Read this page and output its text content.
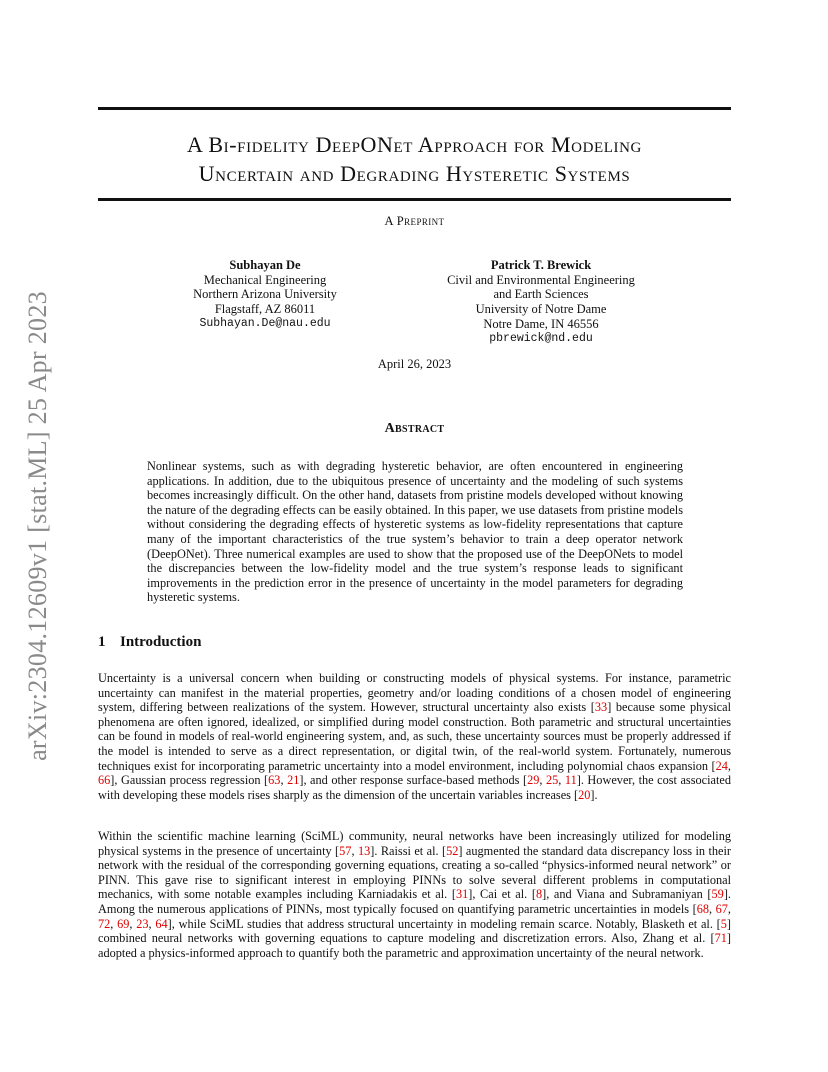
arXiv:2304.12609v1 [stat.ML] 25 Apr 2023
A Bi-fidelity DeepONet Approach for Modeling
Uncertain and Degrading Hysteretic Systems
A Preprint
Subhayan De
Mechanical Engineering
Northern Arizona University
Flagstaff, AZ 86011
Subhayan.De@nau.edu
Patrick T. Brewick
Civil and Environmental Engineering
and Earth Sciences
University of Notre Dame
Notre Dame, IN 46556
pbrewick@nd.edu
April 26, 2023
Abstract
Nonlinear systems, such as with degrading hysteretic behavior, are often encountered in engineering applications. In addition, due to the ubiquitous presence of uncertainty and the modeling of such systems becomes increasingly difficult. On the other hand, datasets from pristine models developed without knowing the nature of the degrading effects can be easily obtained. In this paper, we use datasets from pristine models without considering the degrading effects of hysteretic systems as low-fidelity representations that capture many of the important characteristics of the true system’s behavior to train a deep operator network (DeepONet). Three numerical examples are used to show that the proposed use of the DeepONets to model the discrepancies between the low-fidelity model and the true system’s response leads to significant improvements in the prediction error in the presence of uncertainty in the model parameters for degrading hysteretic systems.
1 Introduction
Uncertainty is a universal concern when building or constructing models of physical systems. For instance, parametric uncertainty can manifest in the material properties, geometry and/or loading conditions of a chosen model of engineering system, differing between realizations of the system. However, structural uncertainty also exists [33] because some physical phenomena are often ignored, idealized, or simplified during model construction. Both parametric and structural uncertainties can be found in models of real-world engineering system, and, as such, these uncertainty sources must be properly addressed if the model is intended to serve as a direct representation, or digital twin, of the real-world system. Fortunately, numerous techniques exist for incorporating parametric uncertainty into a model environment, including polynomial chaos expansion [24, 66], Gaussian process regression [63, 21], and other response surface-based methods [29, 25, 11]. However, the cost associated with developing these models rises sharply as the dimension of the uncertain variables increases [20].
Within the scientific machine learning (SciML) community, neural networks have been increasingly utilized for modeling physical systems in the presence of uncertainty [57, 13]. Raissi et al. [52] augmented the standard data discrepancy loss in their network with the residual of the corresponding governing equations, creating a so-called “physics-informed neural network” or PINN. This gave rise to significant interest in employing PINNs to solve several different problems in computational mechanics, with some notable examples including Karniadakis et al. [31], Cai et al. [8], and Viana and Subramaniyan [59]. Among the numerous applications of PINNs, most typically focused on quantifying parametric uncertainties in models [68, 67, 72, 69, 23, 64], while SciML studies that address structural uncertainty in modeling remain scarce. Notably, Blasketh et al. [5] combined neural networks with governing equations to capture modeling and discretization errors. Also, Zhang et al. [71] adopted a physics-informed approach to quantify both the parametric and approximation uncertainty of the neural network.
